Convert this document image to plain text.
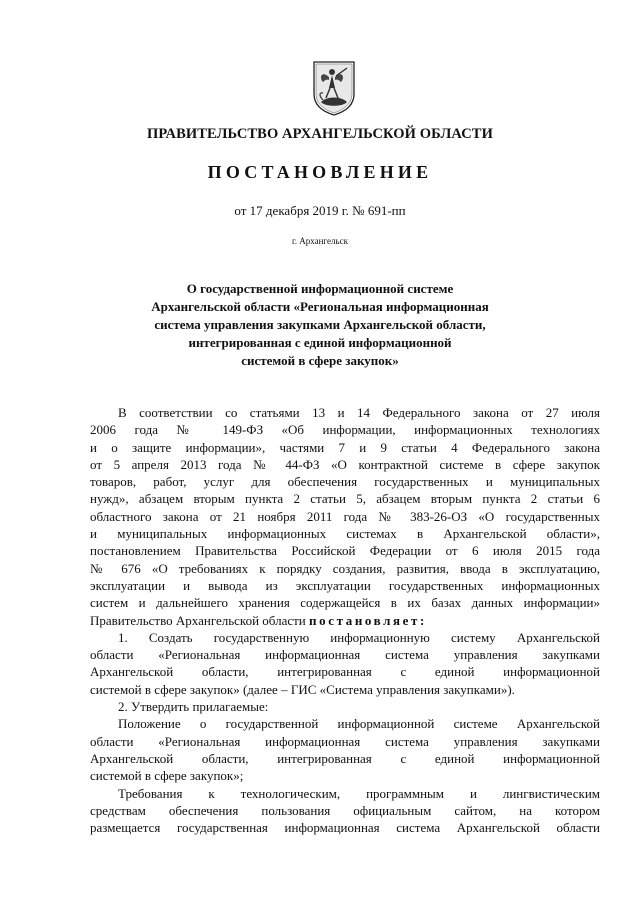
ПРАВИТЕЛЬСТВО АРХАНГЕЛЬСКОЙ ОБЛАСТИ
ПОСТАНОВЛЕНИЕ
от 17 декабря 2019 г. № 691-пп
г. Архангельск
О государственной информационной системе
Архангельской области «Региональная информационная
система управления закупками Архангельской области,
интегрированная с единой информационной
системой в сфере закупок»
В соответствии со статьями 13 и 14 Федерального закона от 27 июля
2006 года № 149-ФЗ «Об информации, информационных технологиях
и о защите информации», частями 7 и 9 статьи 4 Федерального закона
от 5 апреля 2013 года № 44-ФЗ «О контрактной системе в сфере закупок
товаров, работ, услуг для обеспечения государственных и муниципальных
нужд», абзацем вторым пункта 2 статьи 5, абзацем вторым пункта 2 статьи 6
областного закона от 21 ноября 2011 года № 383-26-ОЗ «О государственных
и муниципальных информационных системах в Архангельской области»,
постановлением Правительства Российской Федерации от 6 июля 2015 года
№ 676 «О требованиях к порядку создания, развития, ввода в эксплуатацию,
эксплуатации и вывода из эксплуатации государственных информационных
систем и дальнейшего хранения содержащейся в их базах данных информации»
Правительство Архангельской области постановляет:
1. Создать государственную информационную систему Архангельской
области «Региональная информационная система управления закупками
Архангельской области, интегрированная с единой информационной
системой в сфере закупок» (далее – ГИС «Система управления закупками»).
2. Утвердить прилагаемые:
Положение о государственной информационной системе Архангельской
области «Региональная информационная система управления закупками
Архангельской области, интегрированная с единой информационной
системой в сфере закупок»;
Требования к технологическим, программным и лингвистическим
средствам обеспечения пользования официальным сайтом, на котором
размещается государственная информационная система Архангельской области
